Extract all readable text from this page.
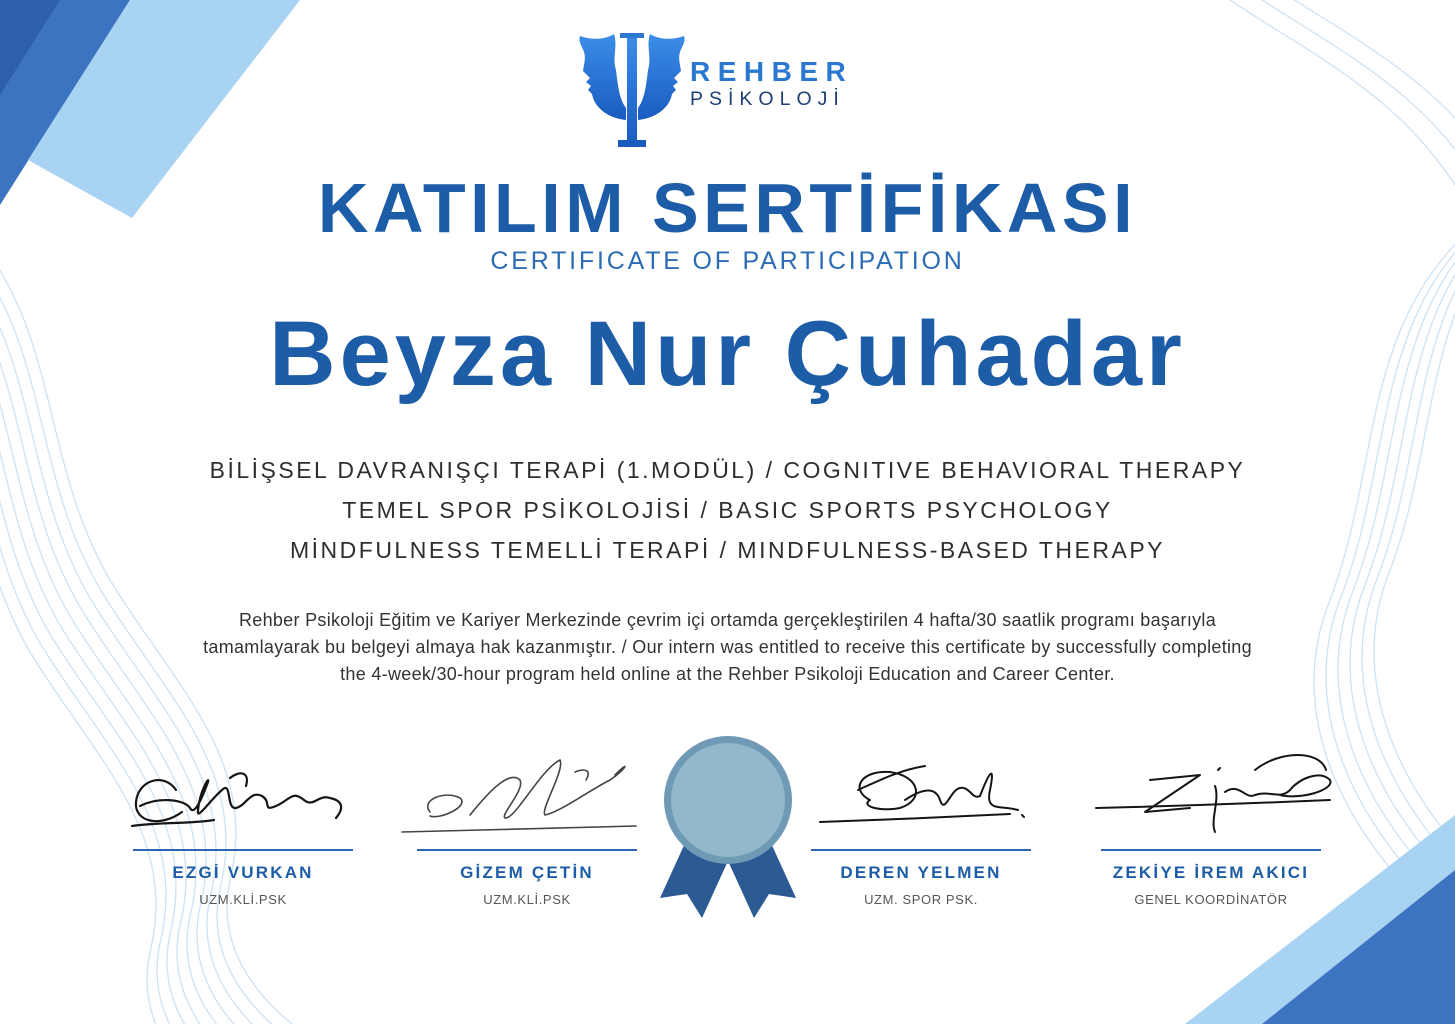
REHBER
PSİKOLOJİ
KATILIM SERTİFİKASI
CERTIFICATE OF PARTICIPATION
Beyza Nur Çuhadar
BİLİŞSEL DAVRANIŞÇI TERAPİ (1.MODÜL) / COGNITIVE BEHAVIORAL THERAPY
TEMEL SPOR PSİKOLOJİSİ / BASIC SPORTS PSYCHOLOGY
MİNDFULNESS TEMELLİ TERAPİ / MINDFULNESS-BASED THERAPY
Rehber Psikoloji Eğitim ve Kariyer Merkezinde çevrim içi ortamda gerçekleştirilen 4 hafta/30 saatlik programı başarıyla
tamamlayarak bu belgeyi almaya hak kazanmıştır. / Our intern was entitled to receive this certificate by successfully completing
the 4-week/30-hour program held online at the Rehber Psikoloji Education and Career Center.
EZGİ VURKAN
UZM.KLİ.PSK
GİZEM ÇETİN
UZM.KLİ.PSK
DEREN YELMEN
UZM. SPOR PSK.
ZEKİYE İREM AKICI
GENEL KOORDİNATÖR
